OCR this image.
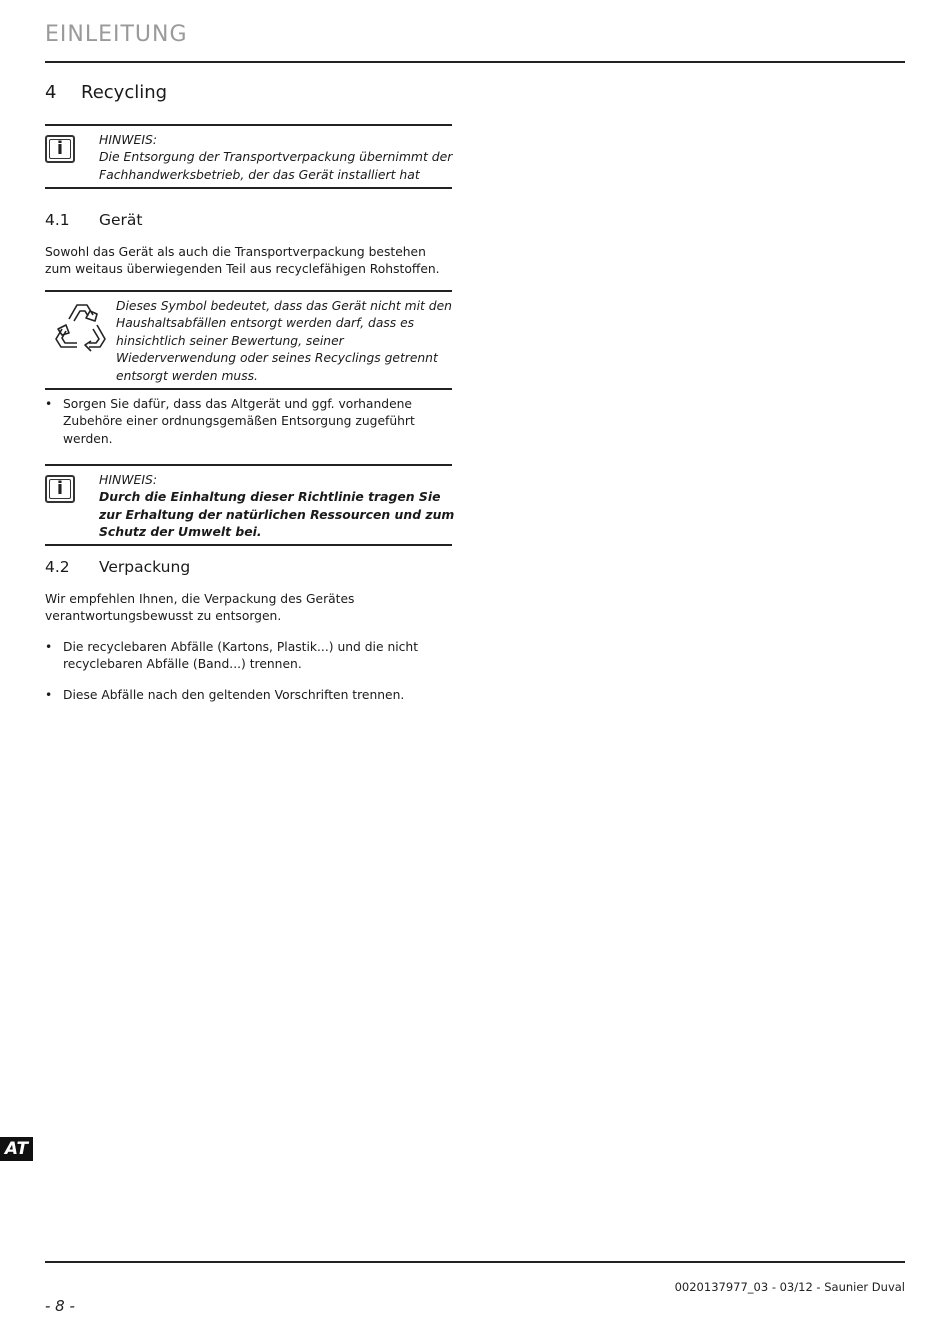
EINLEITUNG
4 Recycling
i	HINWEIS:
Die Entsorgung der Transportverpackung übernimmt der Fachhandwerksbetrieb, der das Gerät installiert hat
4.1 Gerät
Sowohl das Gerät als auch die Transportverpackung bestehen zum weitaus überwiegenden Teil aus recyclefähigen Rohstoffen.
Dieses Symbol bedeutet, dass das Gerät nicht mit den Haushaltsabfällen entsorgt werden darf, dass es hinsichtlich seiner Bewertung, seiner Wiederverwendung oder seines Recyclings getrennt entsorgt werden muss.
• Sorgen Sie dafür, dass das Altgerät und ggf. vorhandene Zubehöre einer ordnungsgemäßen Entsorgung zugeführt werden.
i	HINWEIS:
Durch die Einhaltung dieser Richtlinie tragen Sie zur Erhaltung der natürlichen Ressourcen und zum Schutz der Umwelt bei.
4.2 Verpackung
Wir empfehlen Ihnen, die Verpackung des Gerätes verantwortungsbewusst zu entsorgen.
• Die recyclebaren Abfälle (Kartons, Plastik...) und die nicht recyclebaren Abfälle (Band...) trennen.
• Diese Abfälle nach den geltenden Vorschriften trennen.
AT
0020137977_03 - 03/12 - Saunier Duval
- 8 -
